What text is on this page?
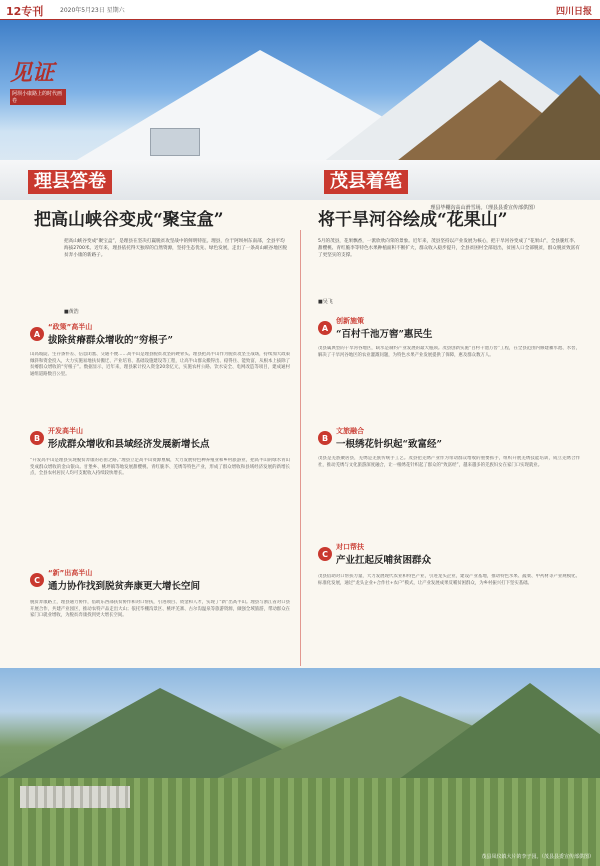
12专刊	2020年5月23日 星期六	四川日报
见证
阿坝小康路上的时代画卷
理县毕棚沟高山滑雪场。（理县县委宣传部供图）
理县答卷
把高山峡谷变成“聚宝盒”
把高山峡谷变成“聚宝盒”，是理县在坚决打赢脱贫攻坚战中的鲜明特征。理县，位于阿坝州东南部，全县平均海拔2700米。近年来，理县依托得天独厚的自然资源，坚持生态优先、绿色发展，走出了一条高山峡谷地区脱贫奔小康的新路子。
■黄浩
A
“政策”高半山
拔除贫瘠群众增收的“穷根子”
山高坡陡、生存条件差、信息闭塞、交通不便……高半山是理县脱贫攻坚的硬骨头。理县把高半山作为脱贫攻坚主战场，持续加大政策倾斜和资金投入，大力实施易地扶贫搬迁、产业培育、基础设施建设等工程，让高半山群众搬得出、稳得住、能致富，从根本上拔除了贫瘠群众增收的“穷根子”。数据显示，近年来，理县累计投入资金20余亿元，实施农村公路、饮水安全、电网改造等项目，建成通村通组道路数百公里。
B
开发高半山
形成群众增收和县域经济发展新增长点
“开发高半山是理县实现脱贫奔康的必由之路。”理县立足高半山资源禀赋，大力发展特色种养殖业和乡村旅游业，把高半山的绿水青山变成群众增收的金山银山。甘堡乡、桃坪镇等地发展甜樱桃、青红脆李、羌绣等特色产业，形成了群众增收和县域经济发展的新增长点，全县农村居民人均可支配收入持续较快增长。
C
“新”出高半山
通力协作找到脱贫奔康更大增长空间
脱贫奔康路上，理县通力协作，借助东西部扶贫协作和对口帮扶，引进项目、资金和人才，实现了“新”出高半山。理县与浙江省对口县开展合作，共建产业园区，推动农特产品走出大山；依托毕棚沟景区、桃坪羌寨、古尔沟温泉等旅游资源，做强全域旅游，带动群众在家门口就业增收，为脱贫奔康找到更大增长空间。
茂县着笔
将干旱河谷绘成“花果山”
5月的茂县，花果飘香，一派欣欣向荣的景象。近年来，茂县坚持以产业发展为核心，把干旱河谷变成了“花果山”，全县脆红李、甜樱桃、青红脆李等特色水果种植面积不断扩大，群众收入稳步提升，全县贫困村全部退出，贫困人口全部脱贫，群众脱贫致富有了更坚实的支撑。
■吴飞
A
创新施策
“百村千池万窖”惠民生
茂县属典型的干旱河谷地区，缺水是制约产业发展的最大瓶颈。茂县创新实施“百村千池万窖”工程，在全县范围内修建蓄水池、水窖，解决了干旱河谷地区的农业灌溉问题，为特色水果产业发展提供了保障，惠及群众数万人。
B
文旅融合
一根绣花针织起“致富经”
茂县是羌族聚居县，羌绣是羌族传统手工艺。茂县把羌绣产业作为带动群众增收的重要抓手，组织开展羌绣技能培训，成立羌绣合作社，推动羌绣与文化旅游深度融合，让一根绣花针织起了群众的“致富经”，越来越多的羌族妇女在家门口实现就业。
C
对口帮扶
产业扛起反哺贫困群众
茂县借助对口帮扶力量，大力发展现代农业和特色产业，引进龙头企业，建设产业基地，推动特色水果、蔬菜、中药材等产业规模化、标准化发展，通过“龙头企业+合作社+农户”模式，让产业发展成果反哺贫困群众，为乡村振兴打下坚实基础。
茂县凤仪镇大片的李子园。（茂县县委宣传部供图）
